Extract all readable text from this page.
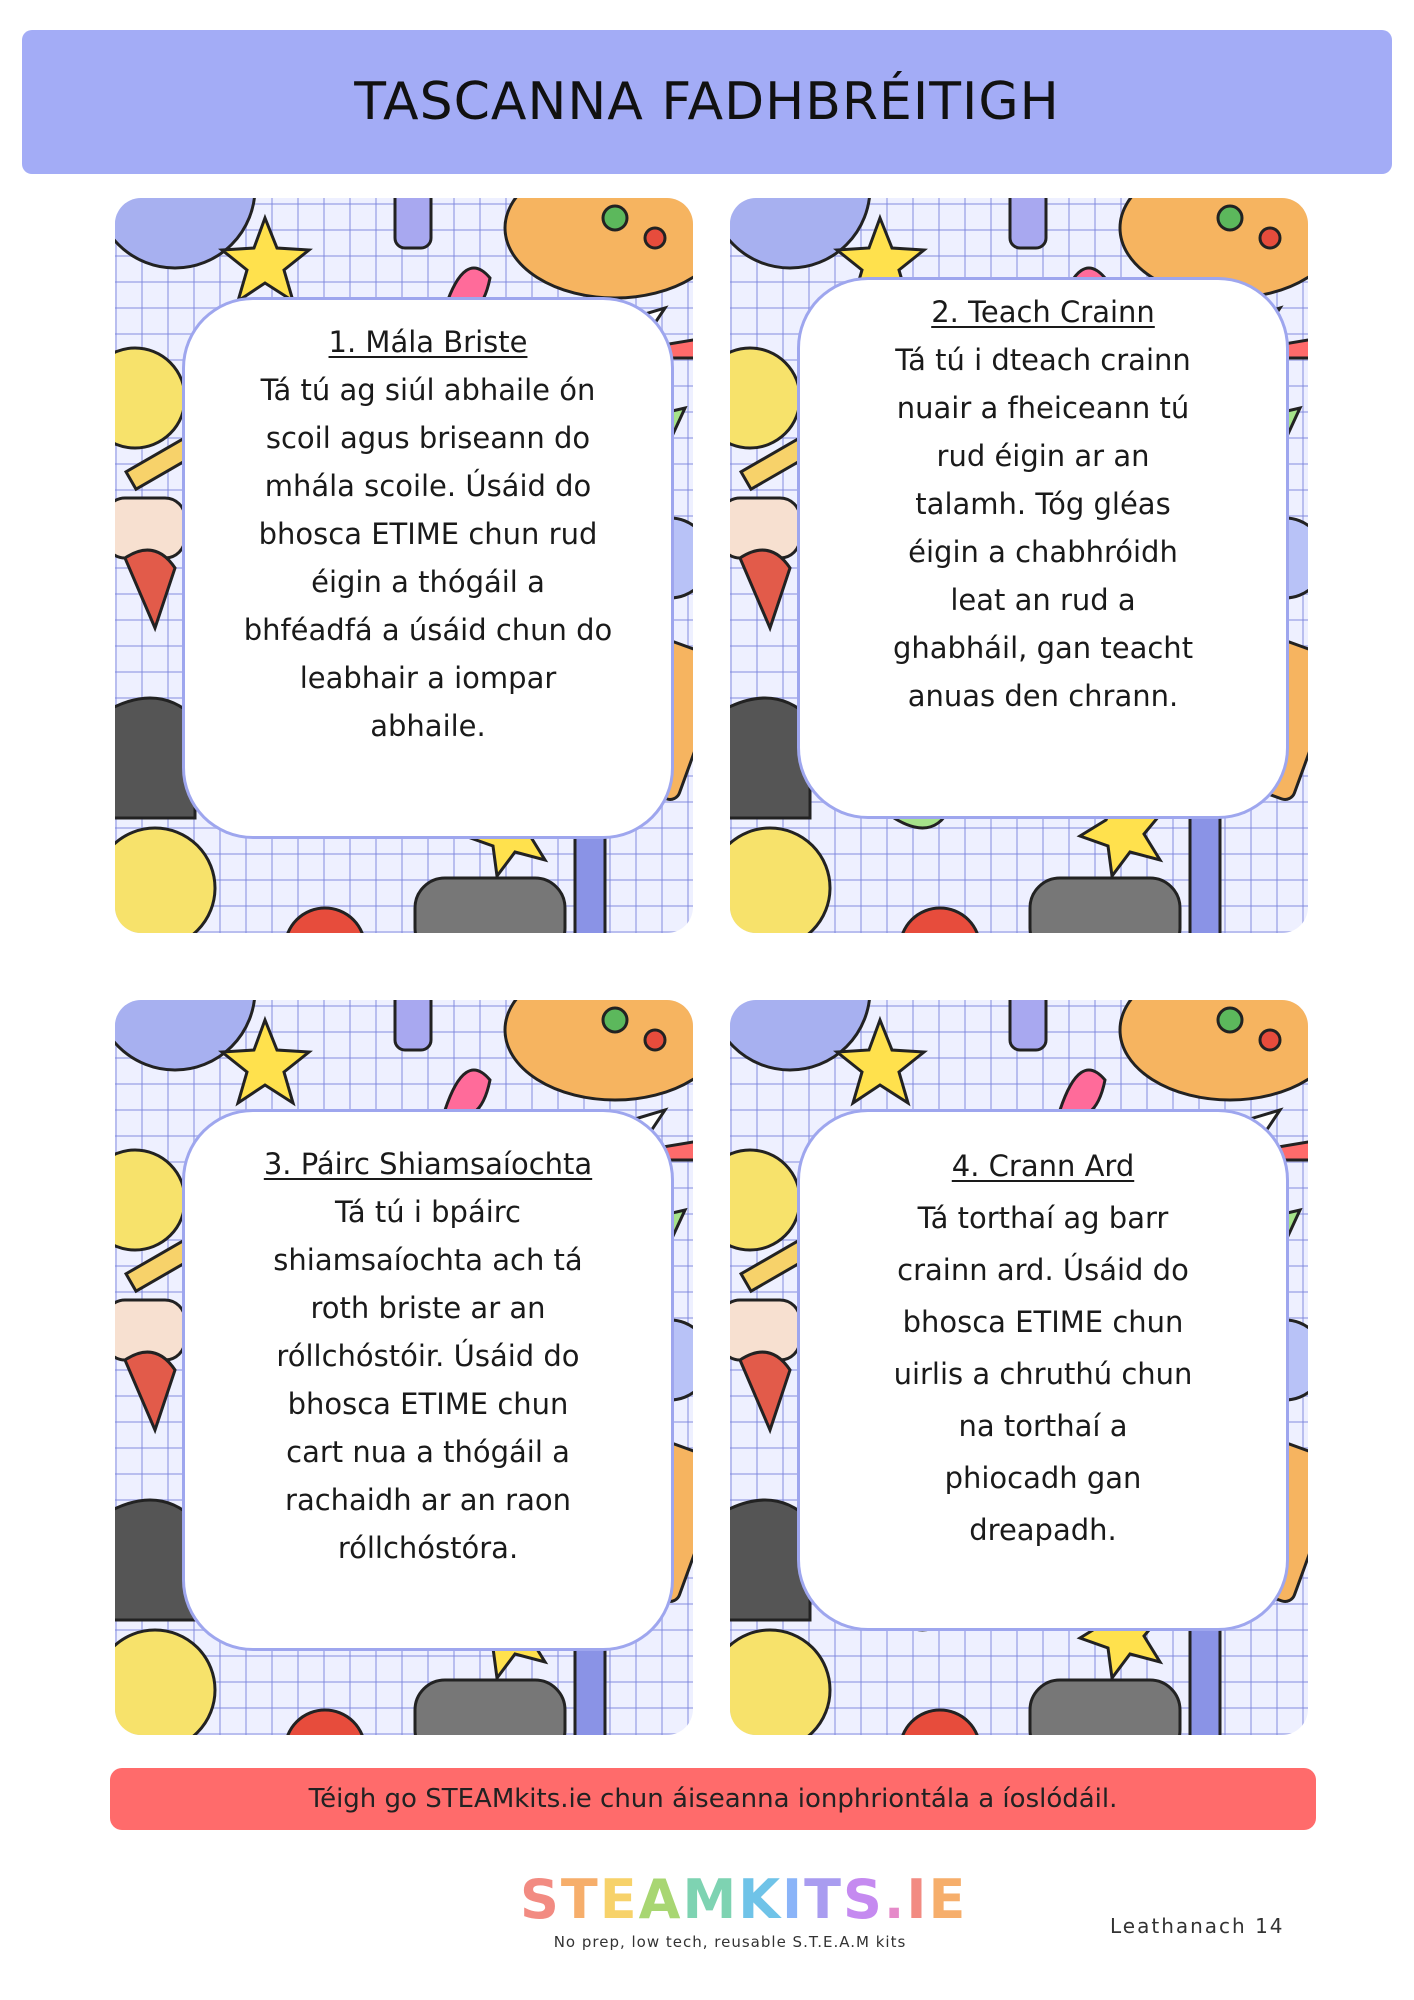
TASCANNA FADHBRÉITIGH
1. Mála Briste
Tá tú ag siúl abhaile ón
scoil agus briseann do
mhála scoile. Úsáid do
bhosca ETIME chun rud
éigin a thógáil a
bhféadfá a úsáid chun do
leabhair a iompar
abhaile.
2. Teach Crainn
Tá tú i dteach crainn
nuair a fheiceann tú
rud éigin ar an
talamh. Tóg gléas
éigin a chabhróidh
leat an rud a
ghabháil, gan teacht
anuas den chrann.
3. Páirc Shiamsaíochta
Tá tú i bpáirc
shiamsaíochta ach tá
roth briste ar an
róllchóstóir. Úsáid do
bhosca ETIME chun
cart nua a thógáil a
rachaidh ar an raon
róllchóstóra.
4. Crann Ard
Tá torthaí ag barr
crainn ard. Úsáid do
bhosca ETIME chun
uirlis a chruthú chun
na torthaí a
phiocadh gan
dreapadh.
Téigh go STEAMkits.ie chun áiseanna ionphriontála a íoslódáil.
STEAMKITS.IE
No prep, low tech, reusable S.T.E.A.M kits
Leathanach 14
